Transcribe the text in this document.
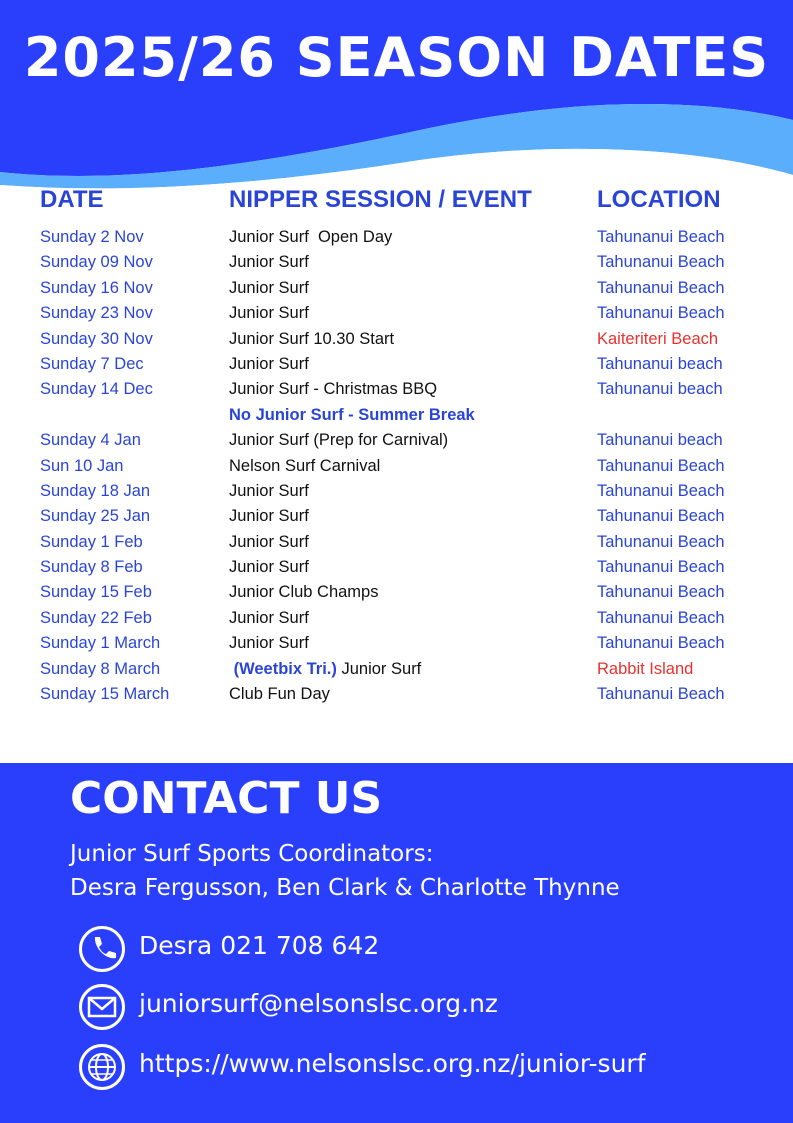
2025/26 SEASON DATES
DATE	NIPPER SESSION / EVENT	LOCATION
Sunday 2 Nov	Junior Surf  Open Day	Tahunanui Beach
Sunday 09 Nov	Junior Surf	Tahunanui Beach
Sunday 16 Nov	Junior Surf	Tahunanui Beach
Sunday 23 Nov	Junior Surf	Tahunanui Beach
Sunday 30 Nov	Junior Surf 10.30 Start	Kaiteriteri Beach
Sunday 7 Dec	Junior Surf	Tahunanui beach
Sunday 14 Dec	Junior Surf - Christmas BBQ	Tahunanui beach
No Junior Surf - Summer Break
Sunday 4 Jan	Junior Surf (Prep for Carnival)	Tahunanui beach
Sun 10 Jan	Nelson Surf Carnival	Tahunanui Beach
Sunday 18 Jan	Junior Surf	Tahunanui Beach
Sunday 25 Jan	Junior Surf	Tahunanui Beach
Sunday 1 Feb	Junior Surf	Tahunanui Beach
Sunday 8 Feb	Junior Surf	Tahunanui Beach
Sunday 15 Feb	Junior Club Champs	Tahunanui Beach
Sunday 22 Feb	Junior Surf	Tahunanui Beach
Sunday 1 March	Junior Surf	Tahunanui Beach
Sunday 8 March	(Weetbix Tri.) Junior Surf	Rabbit Island
Sunday 15 March	Club Fun Day	Tahunanui Beach
CONTACT US
Junior Surf Sports Coordinators:
Desra Fergusson, Ben Clark & Charlotte Thynne
Desra 021 708 642
juniorsurf@nelsonslsc.org.nz
https://www.nelsonslsc.org.nz/junior-surf
